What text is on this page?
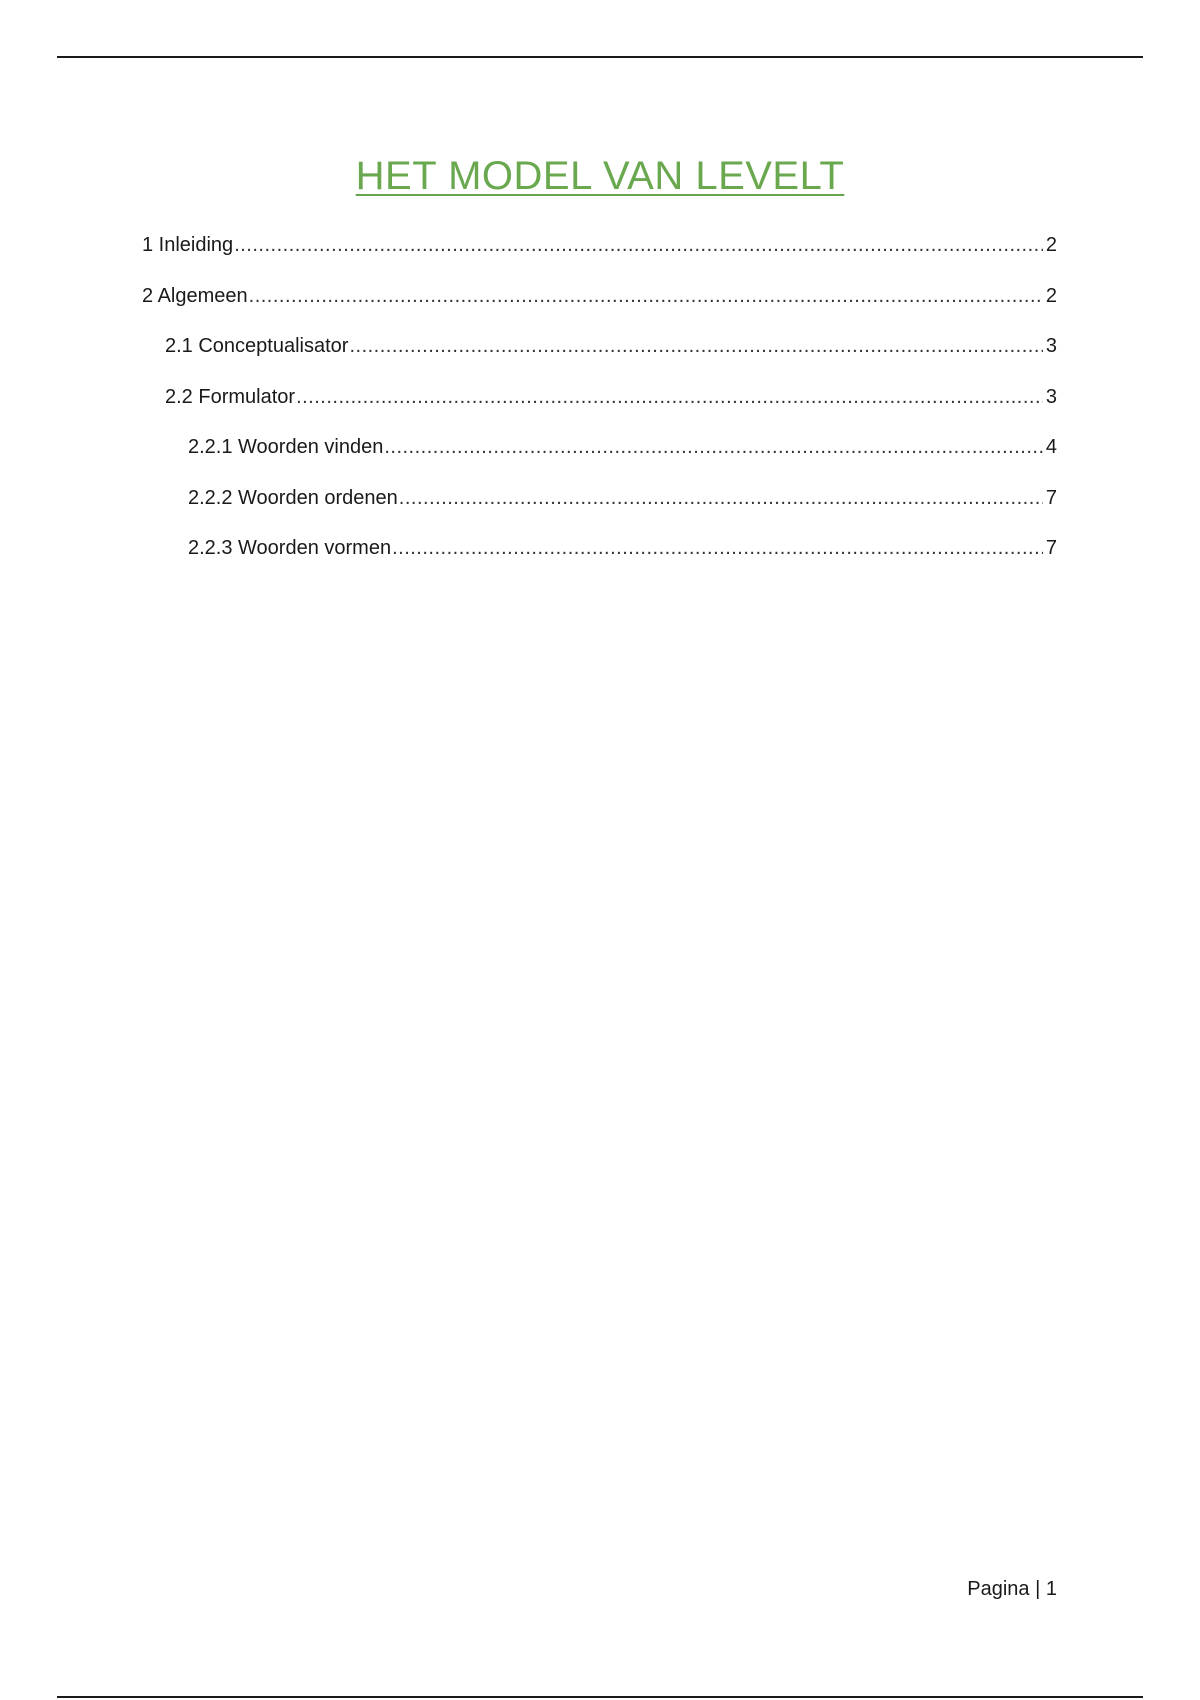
HET MODEL VAN LEVELT
1 Inleiding .....	2
2 Algemeen .....	2
2.1 Conceptualisator .....	3
2.2 Formulator .....	3
2.2.1 Woorden vinden .....	4
2.2.2 Woorden ordenen .....	7
2.2.3 Woorden vormen .....	7
Pagina | 1
